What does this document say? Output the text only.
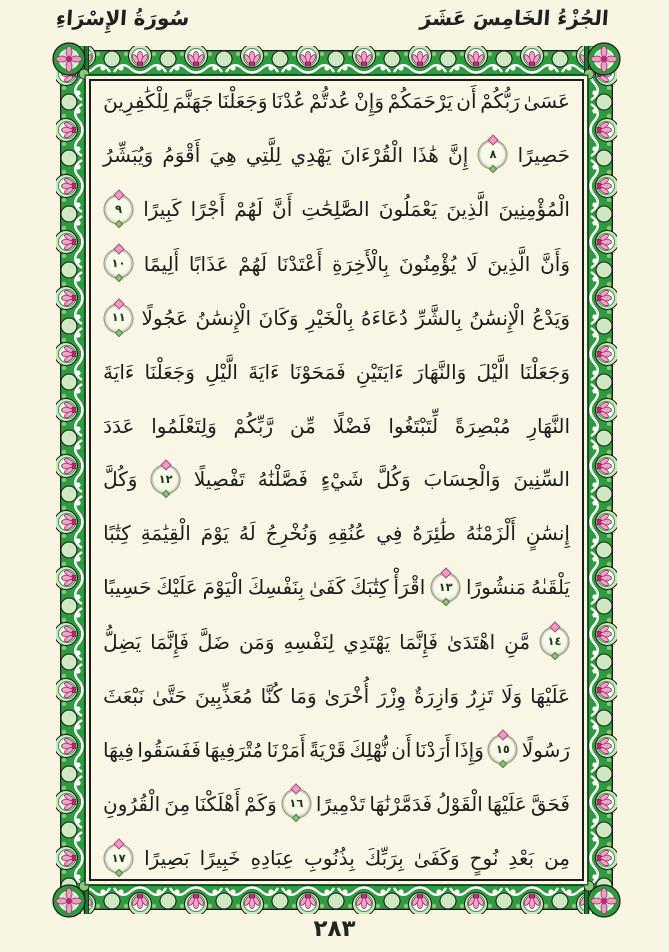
الجُزْءُ الخَامِسَ عَشَرَ
سُورَةُ الإِسْرَاءِ
عَسَىٰ
رَبُّكُمْ
أَن
يَرْحَمَكُمْ
وَإِنْ
عُدتُّمْ
عُدْنَا
وَجَعَلْنَا
جَهَنَّمَ
لِلْكَٰفِرِينَ
حَصِيرًا
٨
إِنَّ
هَٰذَا
الْقُرْءَانَ
يَهْدِي
لِلَّتِي
هِيَ
أَقْوَمُ
وَيُبَشِّرُ
الْمُؤْمِنِينَ
الَّذِينَ
يَعْمَلُونَ
الصَّٰلِحَٰتِ
أَنَّ
لَهُمْ
أَجْرًا
كَبِيرًا
٩
وَأَنَّ
الَّذِينَ
لَا
يُؤْمِنُونَ
بِالْأَخِرَةِ
أَعْتَدْنَا
لَهُمْ
عَذَابًا
أَلِيمًا
١٠
وَيَدْعُ
الْإِنسَٰنُ
بِالشَّرِّ
دُعَاءَهُ
بِالْخَيْرِ
وَكَانَ
الْإِنسَٰنُ
عَجُولًا
١١
وَجَعَلْنَا
الَّيْلَ
وَالنَّهَارَ
ءَايَتَيْنِ
فَمَحَوْنَا
ءَايَةَ
الَّيْلِ
وَجَعَلْنَا
ءَايَةَ
النَّهَارِ
مُبْصِرَةً
لِّتَبْتَغُوا
فَضْلًا
مِّن
رَّبِّكُمْ
وَلِتَعْلَمُوا
عَدَدَ
السِّنِينَ
وَالْحِسَابَ
وَكُلَّ
شَيْءٍ
فَصَّلْنَٰهُ
تَفْصِيلًا
١٢
وَكُلَّ
إِنسَٰنٍ
أَلْزَمْنَٰهُ
طَٰئِرَهُ
فِي
عُنُقِهِ
وَنُخْرِجُ
لَهُ
يَوْمَ
الْقِيَٰمَةِ
كِتَٰبًا
يَلْقَىٰهُ
مَنشُورًا
١٣
اقْرَأْ
كِتَٰبَكَ
كَفَىٰ
بِنَفْسِكَ
الْيَوْمَ
عَلَيْكَ
حَسِيبًا
١٤
مَّنِ
اهْتَدَىٰ
فَإِنَّمَا
يَهْتَدِي
لِنَفْسِهِ
وَمَن
ضَلَّ
فَإِنَّمَا
يَضِلُّ
عَلَيْهَا
وَلَا
تَزِرُ
وَازِرَةٌ
وِزْرَ
أُخْرَىٰ
وَمَا
كُنَّا
مُعَذِّبِينَ
حَتَّىٰ
نَبْعَثَ
رَسُولًا
١٥
وَإِذَا
أَرَدْنَا
أَن
نُّهْلِكَ
قَرْيَةً
أَمَرْنَا
مُتْرَفِيهَا
فَفَسَقُوا
فِيهَا
فَحَقَّ
عَلَيْهَا
الْقَوْلُ
فَدَمَّرْنَٰهَا
تَدْمِيرًا
١٦
وَكَمْ
أَهْلَكْنَا
مِنَ
الْقُرُونِ
مِن
بَعْدِ
نُوحٍ
وَكَفَىٰ
بِرَبِّكَ
بِذُنُوبِ
عِبَادِهِ
خَبِيرًا
بَصِيرًا
١٧
٢٨٣
